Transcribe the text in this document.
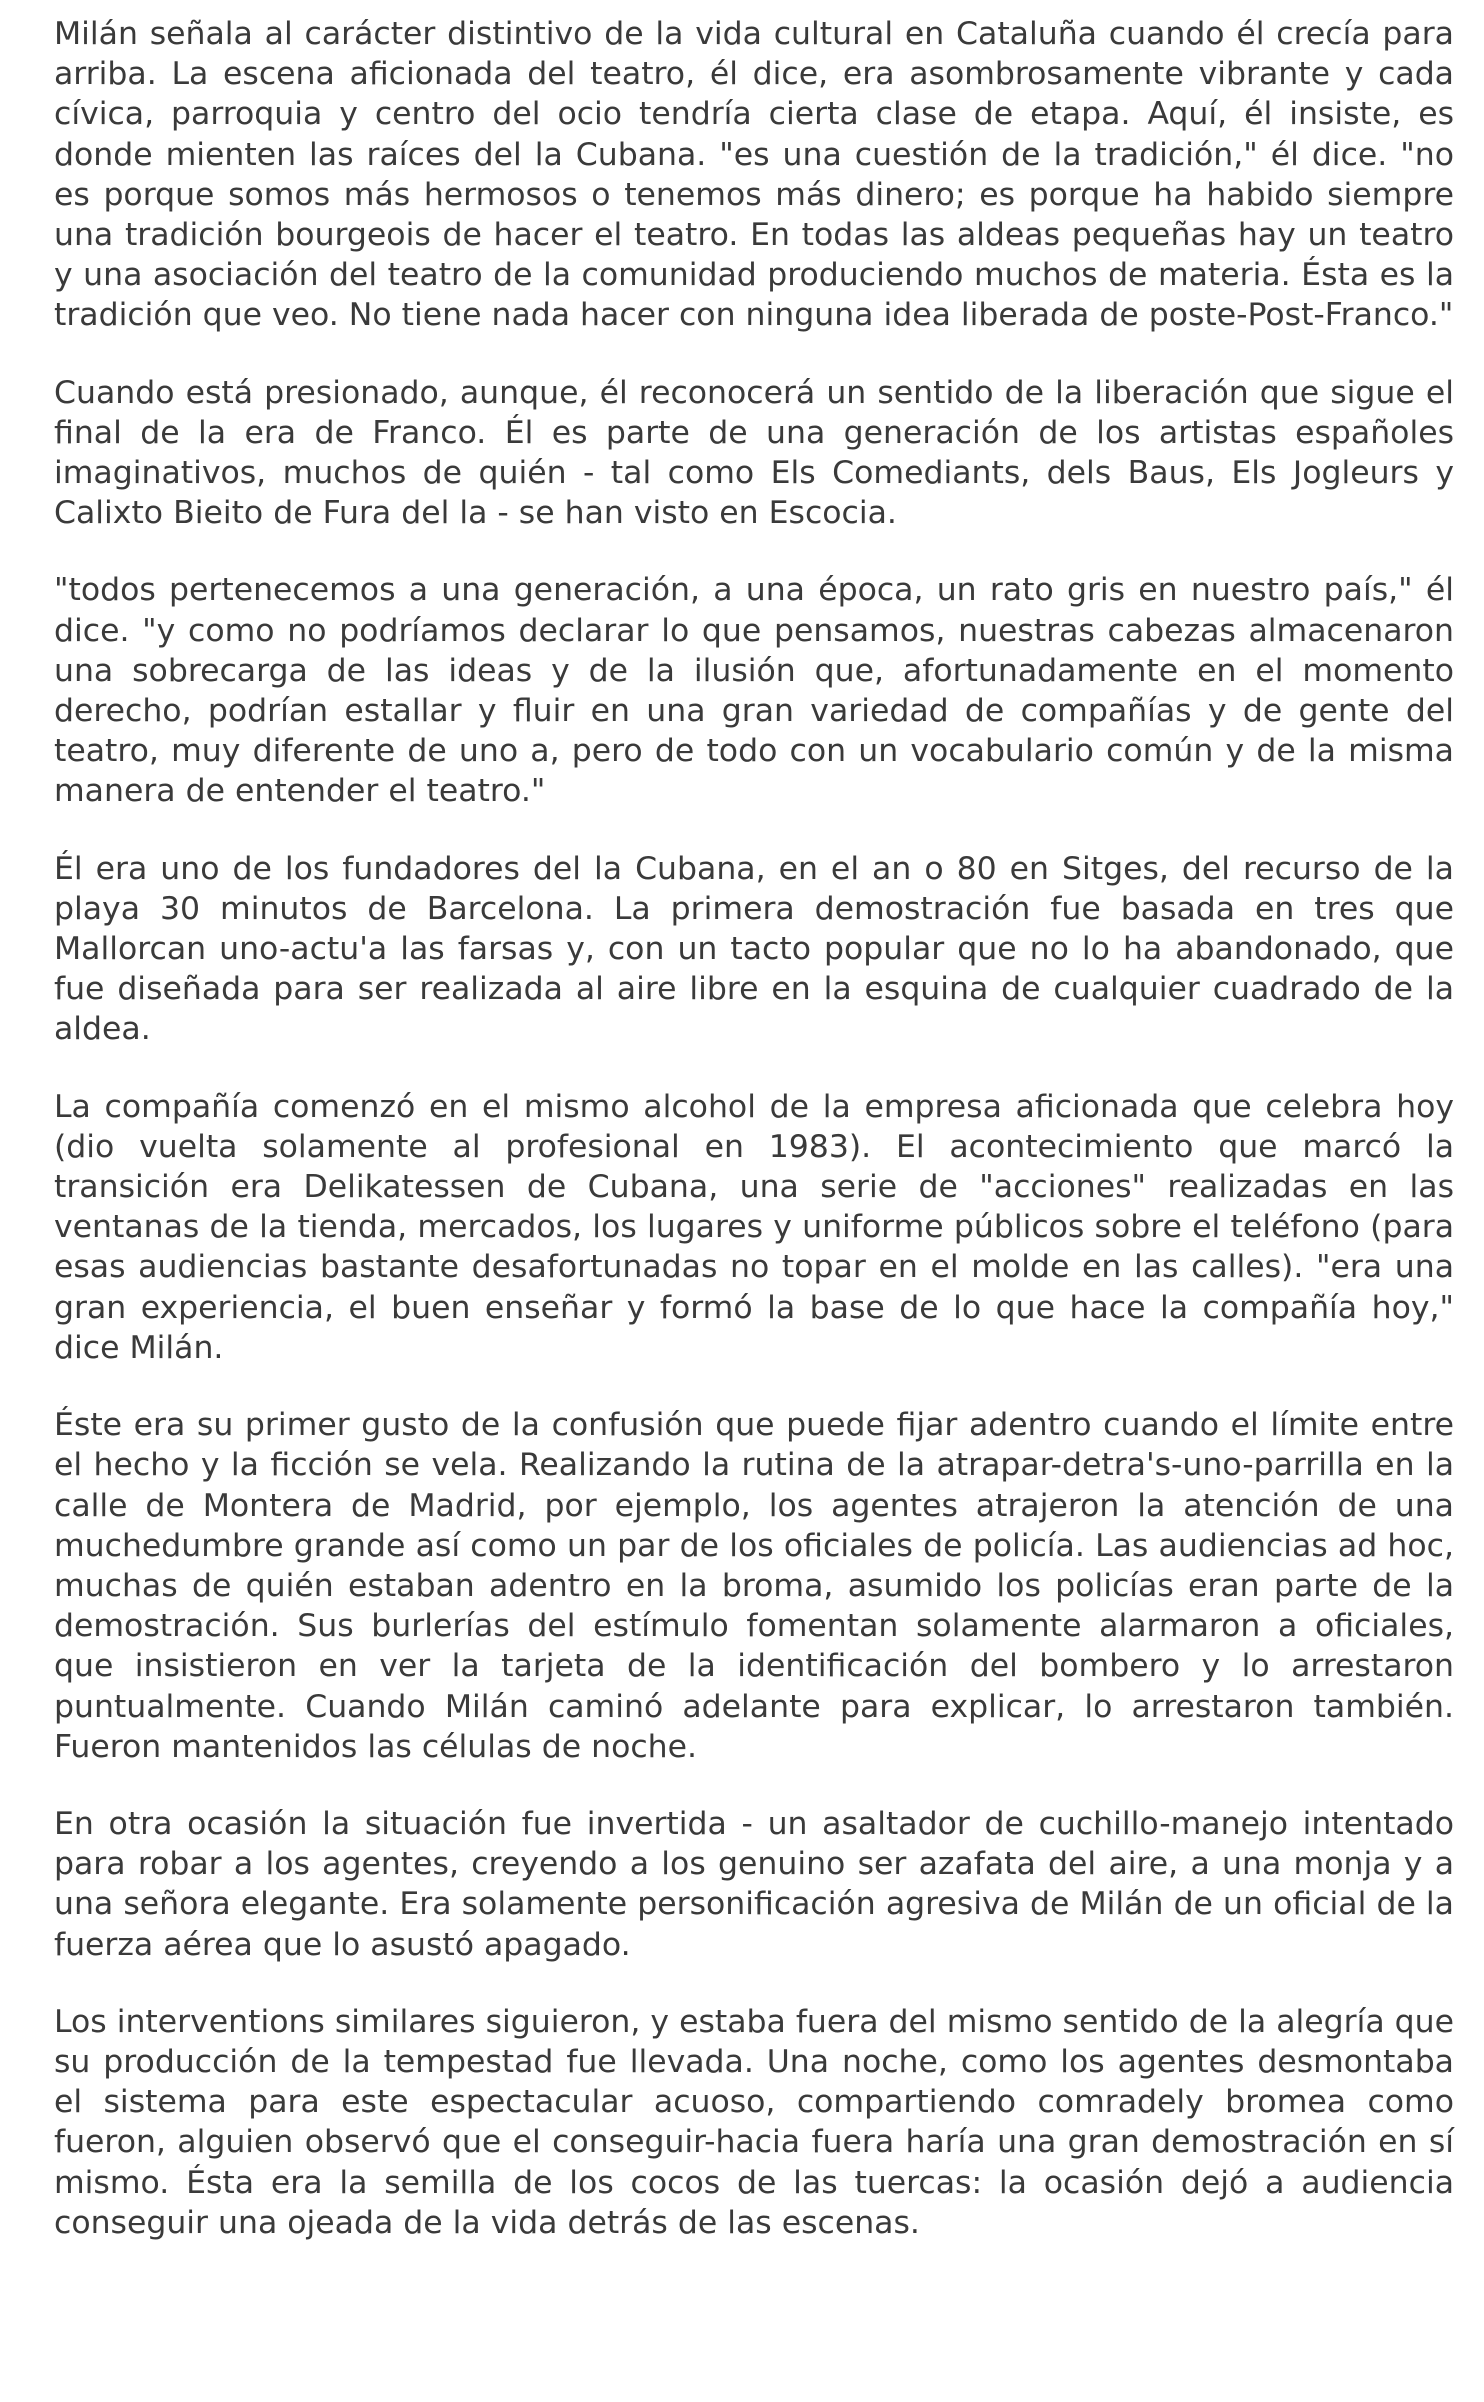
Milán señala al carácter distintivo de la vida cultural en Cataluña cuando él crecía para arriba. La escena aficionada del teatro, él dice, era asombrosamente vibrante y cada cívica, parroquia y centro del ocio tendría cierta clase de etapa. Aquí, él insiste, es donde mienten las raíces del la Cubana. "es una cuestión de la tradición," él dice. "no es porque somos más hermosos o tenemos más dinero; es porque ha habido siempre una tradición bourgeois de hacer el teatro. En todas las aldeas pequeñas hay un teatro y una asociación del teatro de la comunidad produciendo muchos de materia. Ésta es la tradición que veo. No tiene nada hacer con ninguna idea liberada de poste-Post-Franco."

Cuando está presionado, aunque, él reconocerá un sentido de la liberación que sigue el final de la era de Franco. Él es parte de una generación de los artistas españoles imaginativos, muchos de quién - tal como Els Comediants, dels Baus, Els Jogleurs y Calixto Bieito de Fura del la - se han visto en Escocia.

"todos pertenecemos a una generación, a una época, un rato gris en nuestro país," él dice. "y como no podríamos declarar lo que pensamos, nuestras cabezas almacenaron una sobrecarga de las ideas y de la ilusión que, afortunadamente en el momento derecho, podrían estallar y fluir en una gran variedad de compañías y de gente del teatro, muy diferente de uno a, pero de todo con un vocabulario común y de la misma manera de entender el teatro."

Él era uno de los fundadores del la Cubana, en el an o 80 en Sitges, del recurso de la playa 30 minutos de Barcelona. La primera demostración fue basada en tres que Mallorcan uno-actu'a las farsas y, con un tacto popular que no lo ha abandonado, que fue diseñada para ser realizada al aire libre en la esquina de cualquier cuadrado de la aldea.

La compañía comenzó en el mismo alcohol de la empresa aficionada que celebra hoy (dio vuelta solamente al profesional en 1983). El acontecimiento que marcó la transición era Delikatessen de Cubana, una serie de "acciones" realizadas en las ventanas de la tienda, mercados, los lugares y uniforme públicos sobre el teléfono (para esas audiencias bastante desafortunadas no topar en el molde en las calles). "era una gran experiencia, el buen enseñar y formó la base de lo que hace la compañía hoy," dice Milán.

Éste era su primer gusto de la confusión que puede fijar adentro cuando el límite entre el hecho y la ficción se vela. Realizando la rutina de la atrapar-detra's-uno-parrilla en la calle de Montera de Madrid, por ejemplo, los agentes atrajeron la atención de una muchedumbre grande así como un par de los oficiales de policía. Las audiencias ad hoc, muchas de quién estaban adentro en la broma, asumido los policías eran parte de la demostración. Sus burlerías del estímulo fomentan solamente alarmaron a oficiales, que insistieron en ver la tarjeta de la identificación del bombero y lo arrestaron puntualmente. Cuando Milán caminó adelante para explicar, lo arrestaron también. Fueron mantenidos las células de noche.

En otra ocasión la situación fue invertida - un asaltador de cuchillo-manejo intentado para robar a los agentes, creyendo a los genuino ser azafata del aire, a una monja y a una señora elegante. Era solamente personificación agresiva de Milán de un oficial de la fuerza aérea que lo asustó apagado.

Los interventions similares siguieron, y estaba fuera del mismo sentido de la alegría que su producción de la tempestad fue llevada. Una noche, como los agentes desmontaba el sistema para este espectacular acuoso, compartiendo comradely bromea como fueron, alguien observó que el conseguir-hacia fuera haría una gran demostración en sí mismo. Ésta era la semilla de los cocos de las tuercas: la ocasión dejó a audiencia conseguir una ojeada de la vida detrás de las escenas.
